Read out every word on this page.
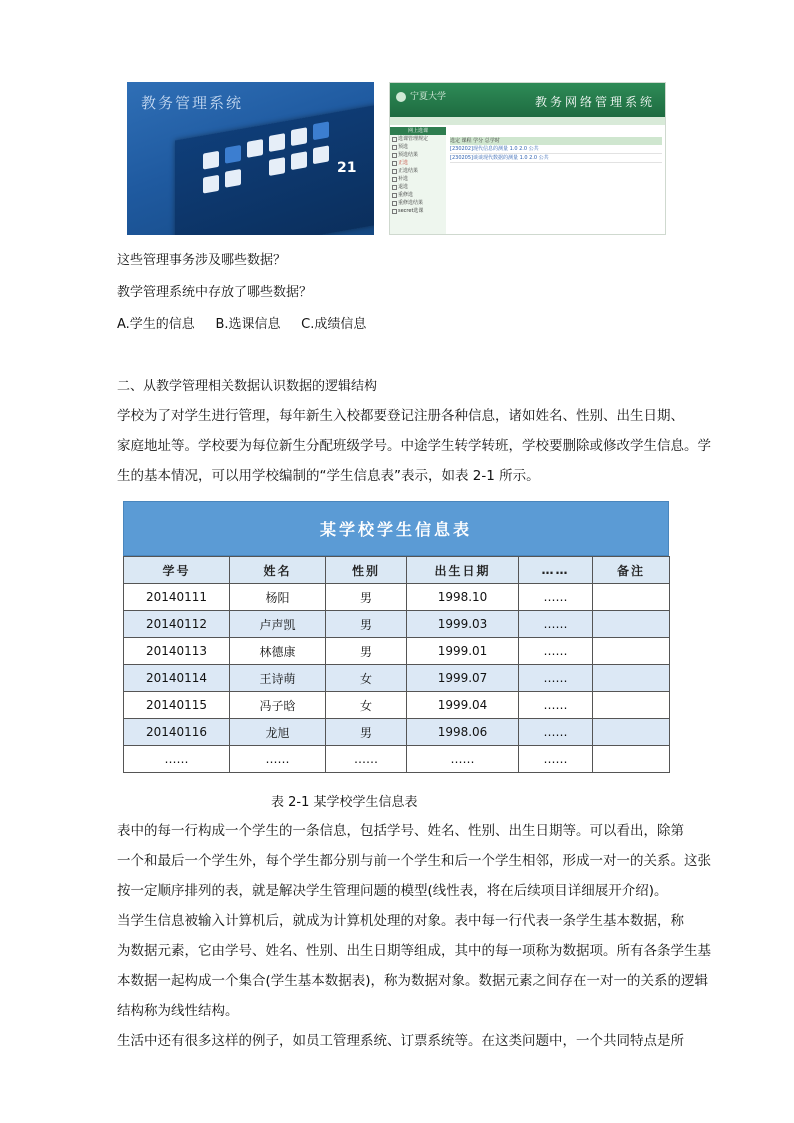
教务管理系统
21
宁夏大学	教务网络管理系统
网上选课
选课管理规定
预选
预选结果
正选
正选结果
补选
退选
重修选
重修选结果
secret选课
选定 课程 学分 总学时
[230202]现代信息的测量 1.0 2.0 公共
[230205]谈谈现代数据的测量 1.0 2.0 公共
这些管理事务涉及哪些数据？
教学管理系统中存放了哪些数据？
A.学生的信息     B.选课信息     C.成绩信息
二、从教学管理相关数据认识数据的逻辑结构
学校为了对学生进行管理，每年新生入校都要登记注册各种信息，诸如姓名、性别、出生日期、
家庭地址等。学校要为每位新生分配班级学号。中途学生转学转班，学校要删除或修改学生信息。学
生的基本情况，可以用学校编制的“学生信息表”表示，如表 2-1 所示。
某学校学生信息表
学号	姓名	性别	出生日期	……	备注
20140111	杨阳	男	1998.10	……	
20140112	卢声凯	男	1999.03	……	
20140113	林德康	男	1999.01	……	
20140114	王诗萌	女	1999.07	……	
20140115	冯子晗	女	1999.04	……	
20140116	龙旭	男	1998.06	……	
……	……	……	……	……	
表 2-1 某学校学生信息表
表中的每一行构成一个学生的一条信息，包括学号、姓名、性别、出生日期等。可以看出，除第
一个和最后一个学生外，每个学生都分别与前一个学生和后一个学生相邻，形成一对一的关系。这张
按一定顺序排列的表，就是解决学生管理问题的模型(线性表，将在后续项目详细展开介绍)。
当学生信息被输入计算机后，就成为计算机处理的对象。表中每一行代表一条学生基本数据，称
为数据元素，它由学号、姓名、性别、出生日期等组成，其中的每一项称为数据项。所有各条学生基
本数据一起构成一个集合(学生基本数据表)，称为数据对象。数据元素之间存在一对一的关系的逻辑
结构称为线性结构。
生活中还有很多这样的例子，如员工管理系统、订票系统等。在这类问题中，一个共同特点是所
